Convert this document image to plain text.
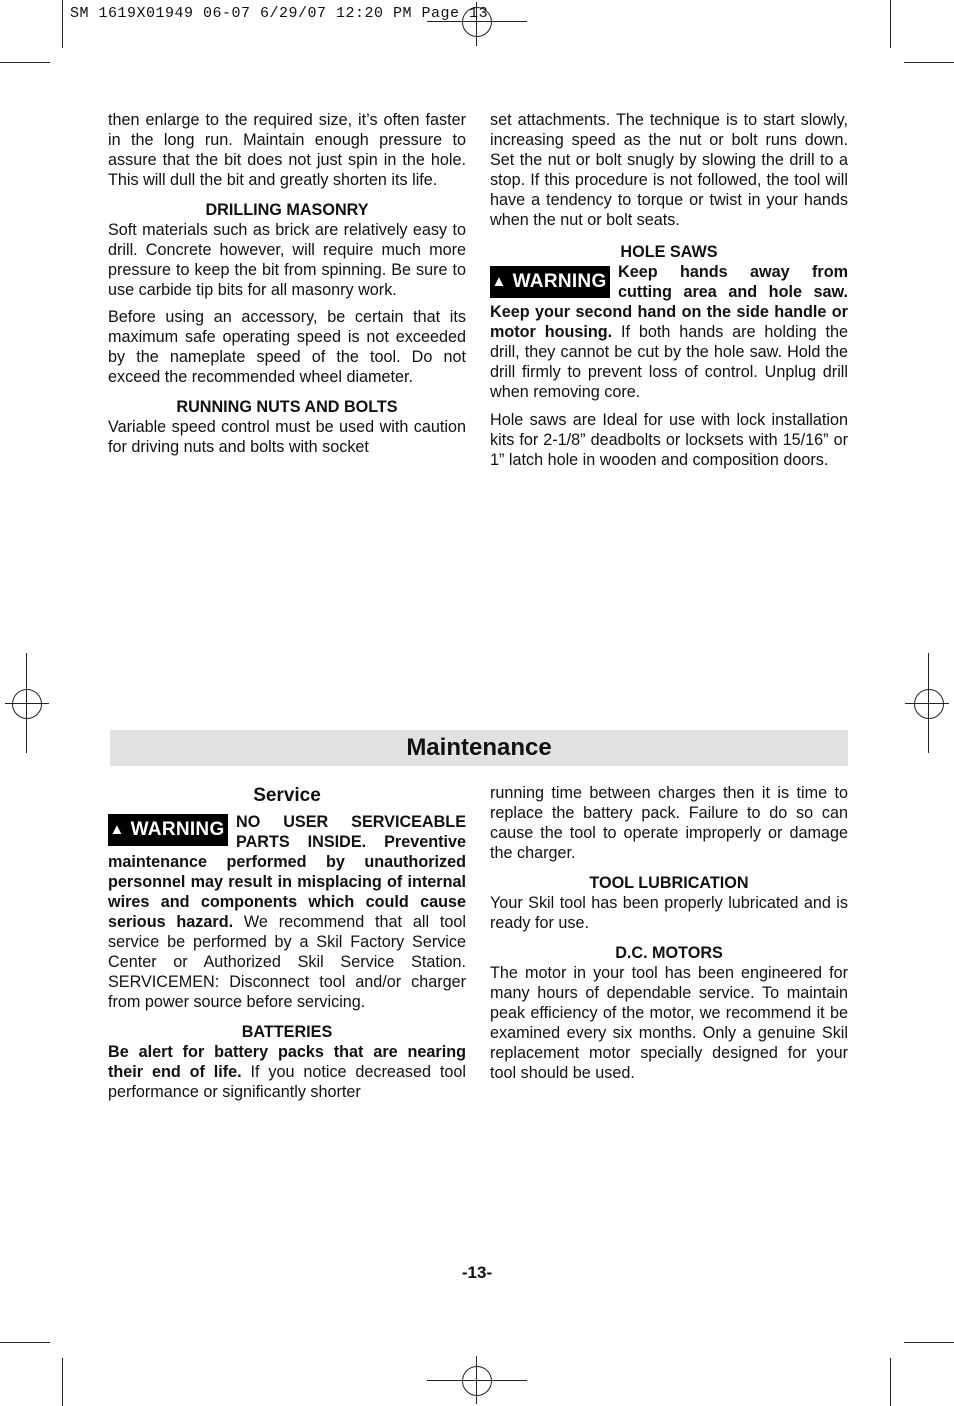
SM 1619X01949 06-07 6/29/07 12:20 PM Page 13

then enlarge to the required size, it’s often faster in the long run. Maintain enough pressure to assure that the bit does not just spin in the hole. This will dull the bit and greatly shorten its life.

DRILLING MASONRY

Soft materials such as brick are relatively easy to drill. Concrete however, will require much more pressure to keep the bit from spinning. Be sure to use carbide tip bits for all masonry work.

Before using an accessory, be certain that its maximum safe operating speed is not exceeded by the nameplate speed of the tool. Do not exceed the recommended wheel diameter.

RUNNING NUTS AND BOLTS

Variable speed control must be used with caution for driving nuts and bolts with socket

set attachments. The technique is to start slowly, increasing speed as the nut or bolt runs down. Set the nut or bolt snugly by slowing the drill to a stop. If this procedure is not followed, the tool will have a tendency to torque or twist in your hands when the nut or bolt seats.

HOLE SAWS

▲ WARNING Keep hands away from cutting area and hole saw. Keep your second hand on the side handle or motor housing. If both hands are holding the drill, they cannot be cut by the hole saw. Hold the drill firmly to prevent loss of control. Unplug drill when removing core.

Hole saws are Ideal for use with lock installation kits for 2-1/8” deadbolts or locksets with 15/16” or 1” latch hole in wooden and composition doors.

Maintenance
Service

▲ WARNING NO USER SERVICEABLE PARTS INSIDE. Preventive maintenance performed by unauthorized personnel may result in misplacing of internal wires and components which could cause serious hazard. We recommend that all tool service be performed by a Skil Factory Service Center or Authorized Skil Service Station. SERVICEMEN: Disconnect tool and/or charger from power source before servicing.

BATTERIES

Be alert for battery packs that are nearing their end of life. If you notice decreased tool performance or significantly shorter

running time between charges then it is time to replace the battery pack. Failure to do so can cause the tool to operate improperly or damage the charger.

TOOL LUBRICATION

Your Skil tool has been properly lubricated and is ready for use.

D.C. MOTORS

The motor in your tool has been engineered for many hours of dependable service. To maintain peak efficiency of the motor, we recommend it be examined every six months. Only a genuine Skil replacement motor specially designed for your tool should be used.

-13-
